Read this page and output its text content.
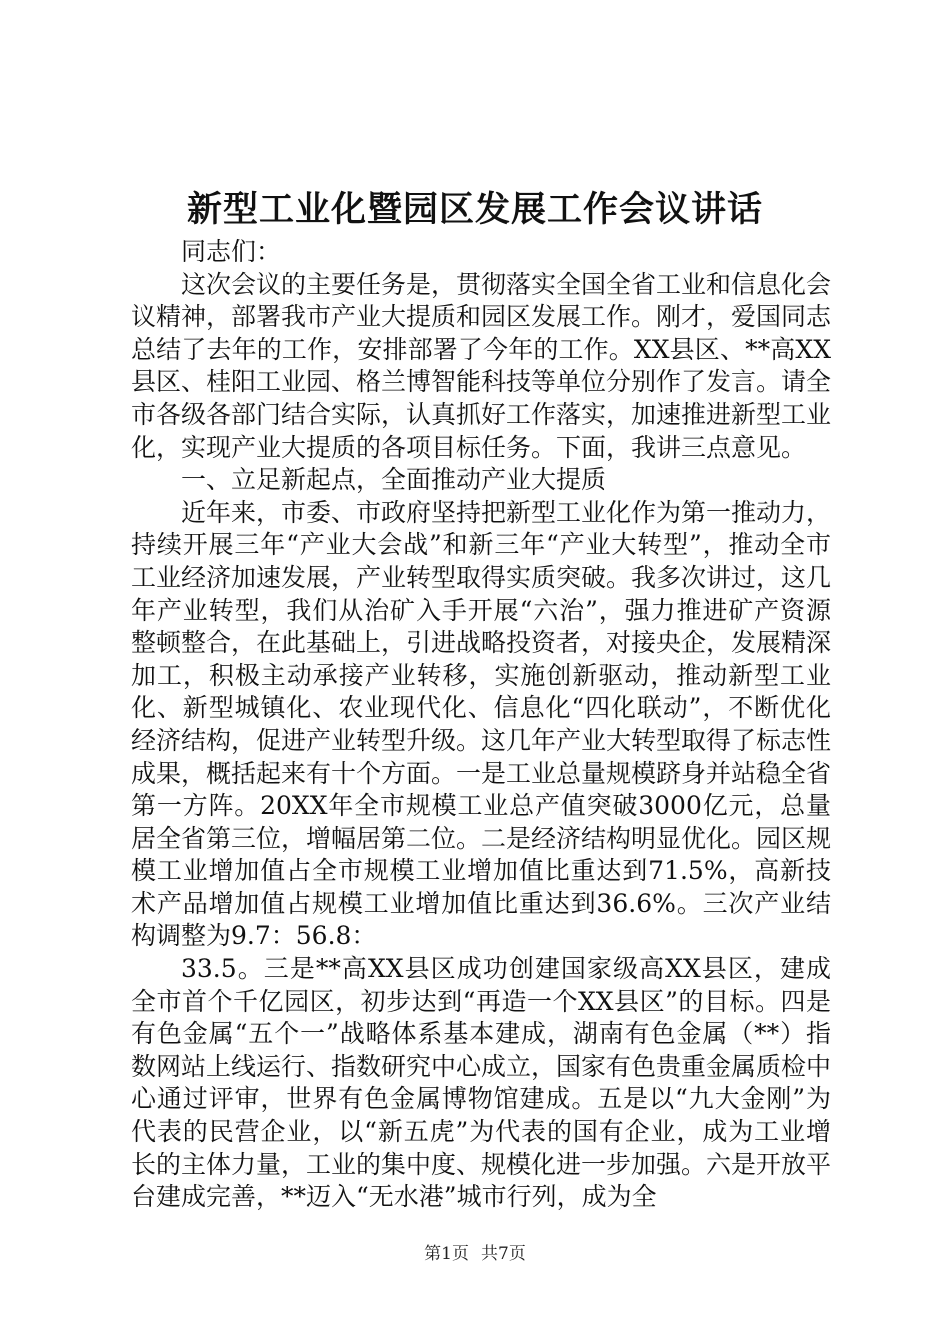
新型工业化暨园区发展工作会议讲话

同志们：

这次会议的主要任务是，贯彻落实全国全省工业和信息化会议精神，部署我市产业大提质和园区发展工作。刚才，爱国同志总结了去年的工作，安排部署了今年的工作。XX县区、**高XX县区、桂阳工业园、格兰博智能科技等单位分别作了发言。请全市各级各部门结合实际，认真抓好工作落实，加速推进新型工业化，实现产业大提质的各项目标任务。下面，我讲三点意见。

一、立足新起点，全面推动产业大提质

近年来，市委、市政府坚持把新型工业化作为第一推动力，持续开展三年“产业大会战”和新三年“产业大转型”，推动全市工业经济加速发展，产业转型取得实质突破。我多次讲过，这几年产业转型，我们从治矿入手开展“六治”，强力推进矿产资源整顿整合，在此基础上，引进战略投资者，对接央企，发展精深加工，积极主动承接产业转移，实施创新驱动，推动新型工业化、新型城镇化、农业现代化、信息化“四化联动”，不断优化经济结构，促进产业转型升级。这几年产业大转型取得了标志性成果，概括起来有十个方面。一是工业总量规模跻身并站稳全省第一方阵。20XX年全市规模工业总产值突破3000亿元，总量居全省第三位，增幅居第二位。二是经济结构明显优化。园区规模工业增加值占全市规模工业增加值比重达到71.5%，高新技术产品增加值占规模工业增加值比重达到36.6%。三次产业结构调整为9.7：56.8：

33.5。三是**高XX县区成功创建国家级高XX县区，建成全市首个千亿园区，初步达到“再造一个XX县区”的目标。四是有色金属“五个一”战略体系基本建成，湖南有色金属（**）指数网站上线运行、指数研究中心成立，国家有色贵重金属质检中心通过评审，世界有色金属博物馆建成。五是以“九大金刚”为代表的民营企业，以“新五虎”为代表的国有企业，成为工业增长的主体力量，工业的集中度、规模化进一步加强。六是开放平台建成完善，**迈入“无水港”城市行列，成为全

第1页 共7页
